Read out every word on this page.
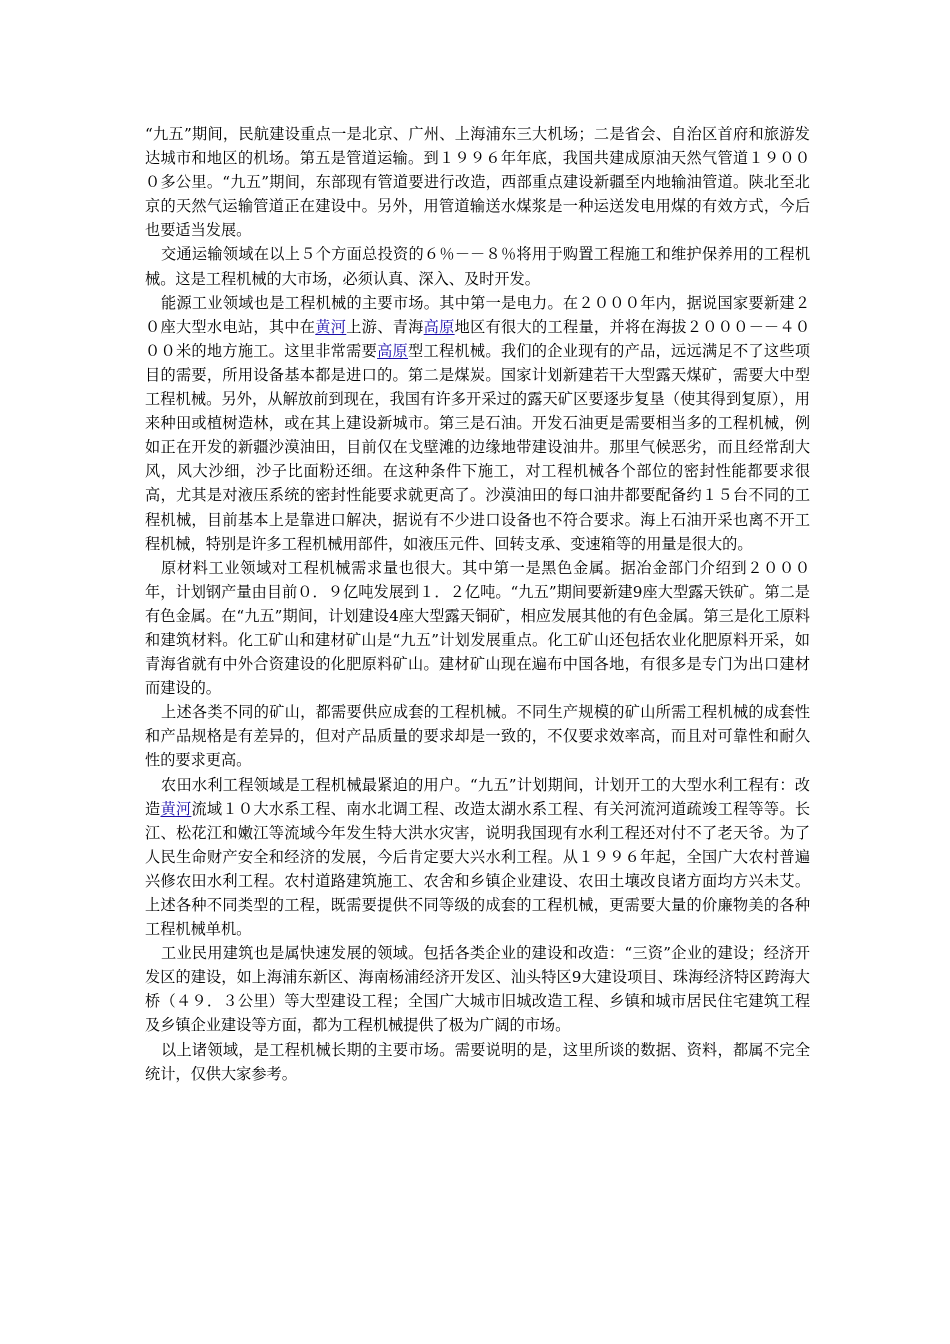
“九五”期间，民航建设重点一是北京、广州、上海浦东三大机场；二是省会、自治区首府和旅游发达城市和地区的机场。第五是管道运输。到１９９６年年底，我国共建成原油天然气管道１９０００多公里。“九五”期间，东部现有管道要进行改造，西部重点建设新疆至内地输油管道。陕北至北京的天然气运输管道正在建设中。另外，用管道输送水煤浆是一种运送发电用煤的有效方式，今后也要适当发展。

交通运输领域在以上５个方面总投资的６％－－８％将用于购置工程施工和维护保养用的工程机械。这是工程机械的大市场，必须认真、深入、及时开发。

能源工业领域也是工程机械的主要市场。其中第一是电力。在２０００年内，据说国家要新建２０座大型水电站，其中在黄河上游、青海高原地区有很大的工程量，并将在海拔２０００－－４０００米的地方施工。这里非常需要高原型工程机械。我们的企业现有的产品，远远满足不了这些项目的需要，所用设备基本都是进口的。第二是煤炭。国家计划新建若干大型露天煤矿，需要大中型工程机械。另外，从解放前到现在，我国有许多开采过的露天矿区要逐步复垦（使其得到复原），用来种田或植树造林，或在其上建设新城市。第三是石油。开发石油更是需要相当多的工程机械，例如正在开发的新疆沙漠油田，目前仅在戈壁滩的边缘地带建设油井。那里气候恶劣，而且经常刮大风，风大沙细，沙子比面粉还细。在这种条件下施工，对工程机械各个部位的密封性能都要求很高，尤其是对液压系统的密封性能要求就更高了。沙漠油田的每口油井都要配备约１５台不同的工程机械，目前基本上是靠进口解决，据说有不少进口设备也不符合要求。海上石油开采也离不开工程机械，特别是许多工程机械用部件，如液压元件、回转支承、变速箱等的用量是很大的。

原材料工业领域对工程机械需求量也很大。其中第一是黑色金属。据冶金部门介绍到２０００年，计划钢产量由目前０．９亿吨发展到１．２亿吨。“九五”期间要新建9座大型露天铁矿。第二是有色金属。在“九五”期间，计划建设4座大型露天铜矿，相应发展其他的有色金属。第三是化工原料和建筑材料。化工矿山和建材矿山是“九五”计划发展重点。化工矿山还包括农业化肥原料开采，如青海省就有中外合资建设的化肥原料矿山。建材矿山现在遍布中国各地，有很多是专门为出口建材而建设的。

上述各类不同的矿山，都需要供应成套的工程机械。不同生产规模的矿山所需工程机械的成套性和产品规格是有差异的，但对产品质量的要求却是一致的，不仅要求效率高，而且对可靠性和耐久性的要求更高。

农田水利工程领域是工程机械最紧迫的用户。“九五”计划期间，计划开工的大型水利工程有：改造黄河流域１０大水系工程、南水北调工程、改造太湖水系工程、有关河流河道疏竣工程等等。长江、松花江和嫩江等流域今年发生特大洪水灾害，说明我国现有水利工程还对付不了老天爷。为了人民生命财产安全和经济的发展，今后肯定要大兴水利工程。从１９９６年起，全国广大农村普遍兴修农田水利工程。农村道路建筑施工、农舍和乡镇企业建设、农田土壤改良诸方面均方兴未艾。上述各种不同类型的工程，既需要提供不同等级的成套的工程机械，更需要大量的价廉物美的各种工程机械单机。

工业民用建筑也是属快速发展的领域。包括各类企业的建设和改造：“三资”企业的建设；经济开发区的建设，如上海浦东新区、海南杨浦经济开发区、汕头特区9大建设项目、珠海经济特区跨海大桥（４９．３公里）等大型建设工程；全国广大城市旧城改造工程、乡镇和城市居民住宅建筑工程及乡镇企业建设等方面，都为工程机械提供了极为广阔的市场。

以上诸领域，是工程机械长期的主要市场。需要说明的是，这里所谈的数据、资料，都属不完全统计，仅供大家参考。
